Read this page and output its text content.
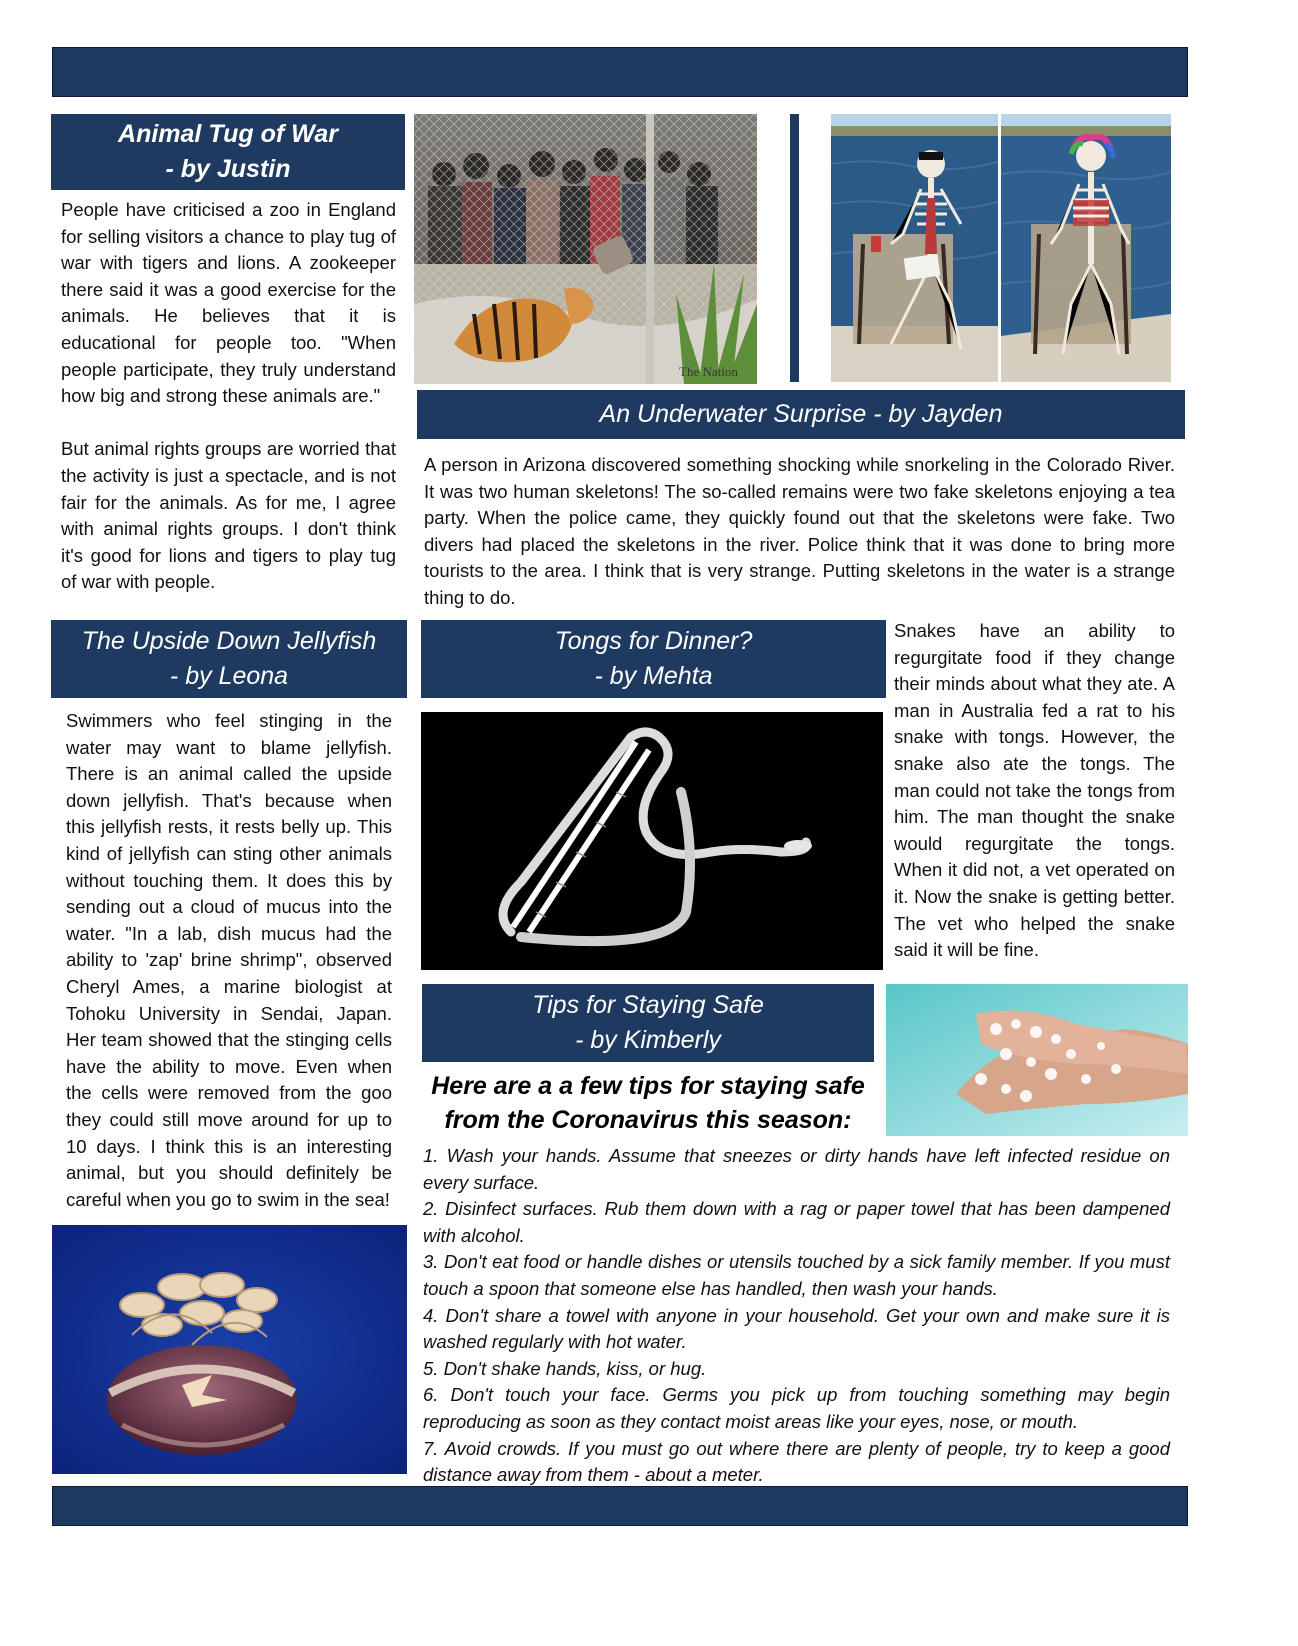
Animal Tug of War
- by Justin

People have criticised a zoo in England for selling visitors a chance to play tug of war with tigers and lions. A zookeeper there said it was a good exercise for the animals. He believes that it is educational for people too. "When people participate, they truly understand how big and strong these animals are."

But animal rights groups are worried that the activity is just a spectacle, and is not fair for the animals. As for me, I agree with animal rights groups. I don't think it's good for lions and tigers to play tug of war with people.

The Nation
An Underwater Surprise - by Jayden

A person in Arizona discovered something shocking while snorkeling in the Colorado River. It was two human skeletons! The so-called remains were two fake skeletons enjoying a tea party. When the police came, they quickly found out that the skeletons were fake. Two divers had placed the skeletons in the river. Police think that it was done to bring more tourists to the area. I think that is very strange. Putting skeletons in the water is a strange thing to do.

The Upside Down Jellyfish
- by Leona

Swimmers who feel stinging in the water may want to blame jellyfish. There is an animal called the upside down jellyfish. That's because when this jellyfish rests, it rests belly up. This kind of jellyfish can sting other animals without touching them. It does this by sending out a cloud of mucus into the water. "In a lab, dish mucus had the ability to 'zap' brine shrimp", observed Cheryl Ames, a marine biologist at Tohoku University in Sendai, Japan. Her team showed that the stinging cells have the ability to move. Even when the cells were removed from the goo they could still move around for up to 10 days. I think this is an interesting animal, but you should definitely be careful when you go to swim in the sea!

Tongs for Dinner?
- by Mehta

Snakes have an ability to regurgitate food if they change their minds about what they ate. A man in Australia fed a rat to his snake with tongs. However, the snake also ate the tongs. The man could not take the tongs from him. The man thought the snake would regurgitate the tongs. When it did not, a vet operated on it. Now the snake is getting better. The vet who helped the snake said it will be fine.

Tips for Staying Safe
- by Kimberly
Here are a a few tips for staying safe from the Coronavirus this season:
1. Wash your hands. Assume that sneezes or dirty hands have left infected residue on every surface.
2. Disinfect surfaces. Rub them down with a rag or paper towel that has been dampened with alcohol.
3. Don't eat food or handle dishes or utensils touched by a sick family member. If you must touch a spoon that someone else has handled, then wash your hands.
4. Don't share a towel with anyone in your household. Get your own and make sure it is washed regularly with hot water.
5. Don't shake hands, kiss, or hug.
6. Don't touch your face. Germs you pick up from touching something may begin reproducing as soon as they contact moist areas like your eyes, nose, or mouth.
7. Avoid crowds. If you must go out where there are plenty of people, try to keep a good distance away from them - about a meter.
